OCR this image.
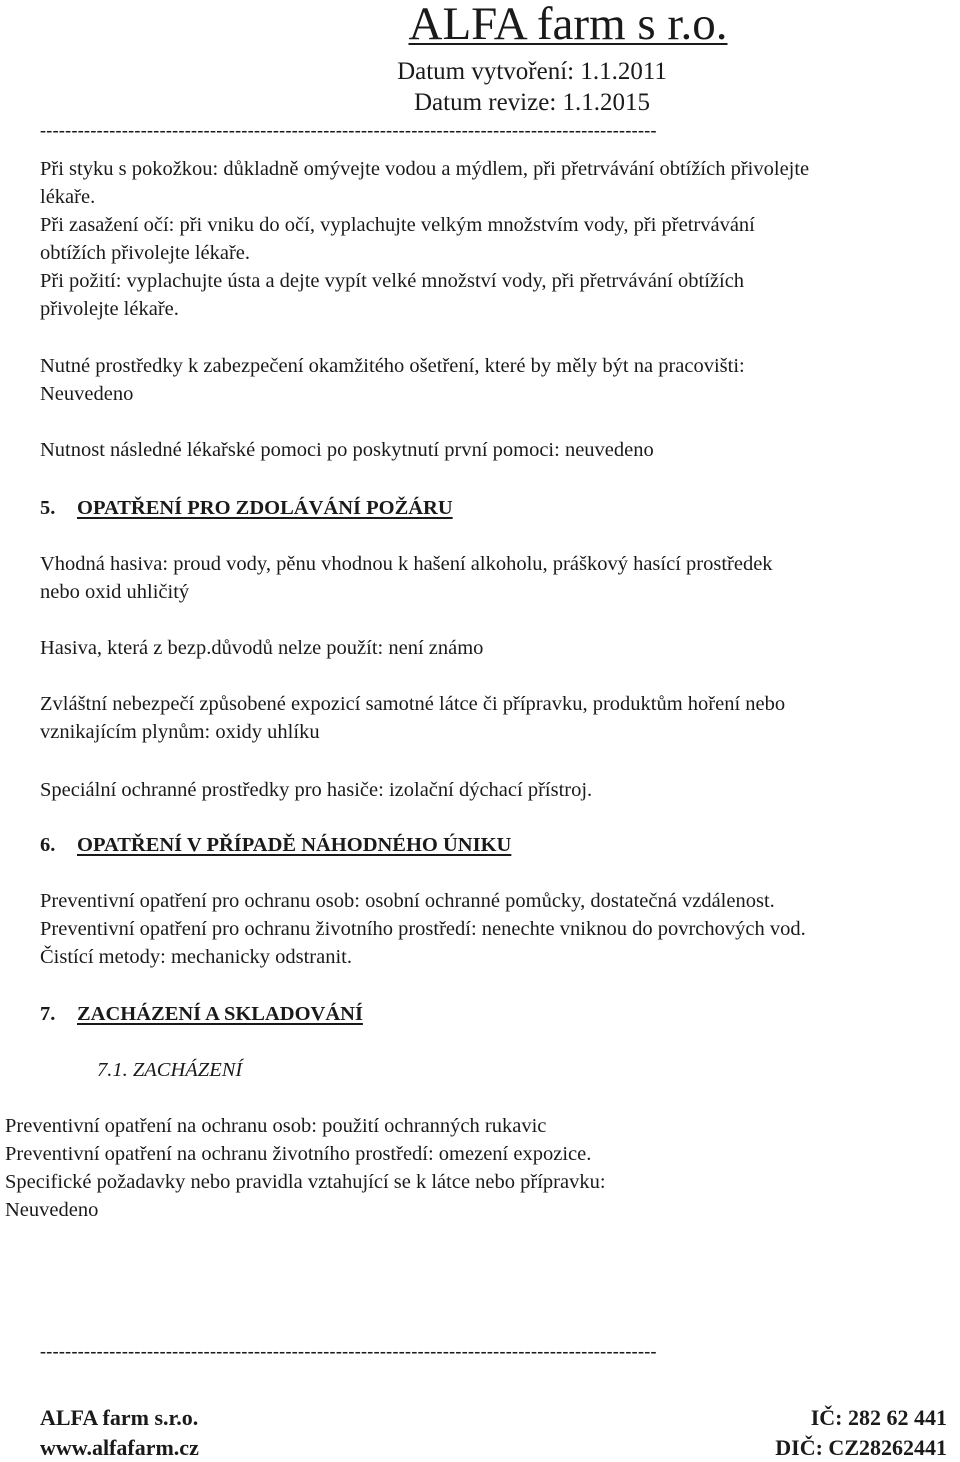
ALFA farm s r.o.
Datum vytvoření: 1.1.2011
Datum revize: 1.1.2015
--------------------------------------------------------------------------------------------------
Při styku s pokožkou: důkladně omývejte vodou a mýdlem, při přetrvávání obtížích přivolejte
lékaře.
Při zasažení očí: při vniku do očí, vyplachujte velkým množstvím vody, při přetrvávání
obtížích přivolejte lékaře.
Při požití: vyplachujte ústa a dejte vypít velké množství vody, při přetrvávání obtížích
přivolejte lékaře.
Nutné prostředky k zabezpečení okamžitého ošetření, které by měly být na pracovišti:
Neuvedeno
Nutnost následné lékařské pomoci po poskytnutí první pomoci: neuvedeno
5. OPATŘENÍ PRO ZDOLÁVÁNÍ POŽÁRU
Vhodná hasiva: proud vody, pěnu vhodnou k hašení alkoholu, práškový hasící prostředek
nebo oxid uhličitý
Hasiva, která z bezp.důvodů nelze použít: není známo
Zvláštní nebezpečí způsobené expozicí samotné látce či přípravku, produktům hoření nebo
vznikajícím plynům: oxidy uhlíku
Speciální ochranné prostředky pro hasiče: izolační dýchací přístroj.
6. OPATŘENÍ V PŘÍPADĚ NÁHODNÉHO ÚNIKU
Preventivní opatření pro ochranu osob: osobní ochranné pomůcky, dostatečná vzdálenost.
Preventivní opatření pro ochranu životního prostředí: nenechte vniknou do povrchových vod.
Čistící metody: mechanicky odstranit.
7. ZACHÁZENÍ A SKLADOVÁNÍ
7.1. ZACHÁZENÍ
Preventivní opatření na ochranu osob: použití ochranných rukavic
Preventivní opatření na ochranu životního prostředí: omezení expozice.
Specifické požadavky nebo pravidla vztahující se k látce nebo přípravku:
Neuvedeno
--------------------------------------------------------------------------------------------------
ALFA farm s.r.o.
www.alfafarm.cz
IČ: 282 62 441
DIČ: CZ28262441
